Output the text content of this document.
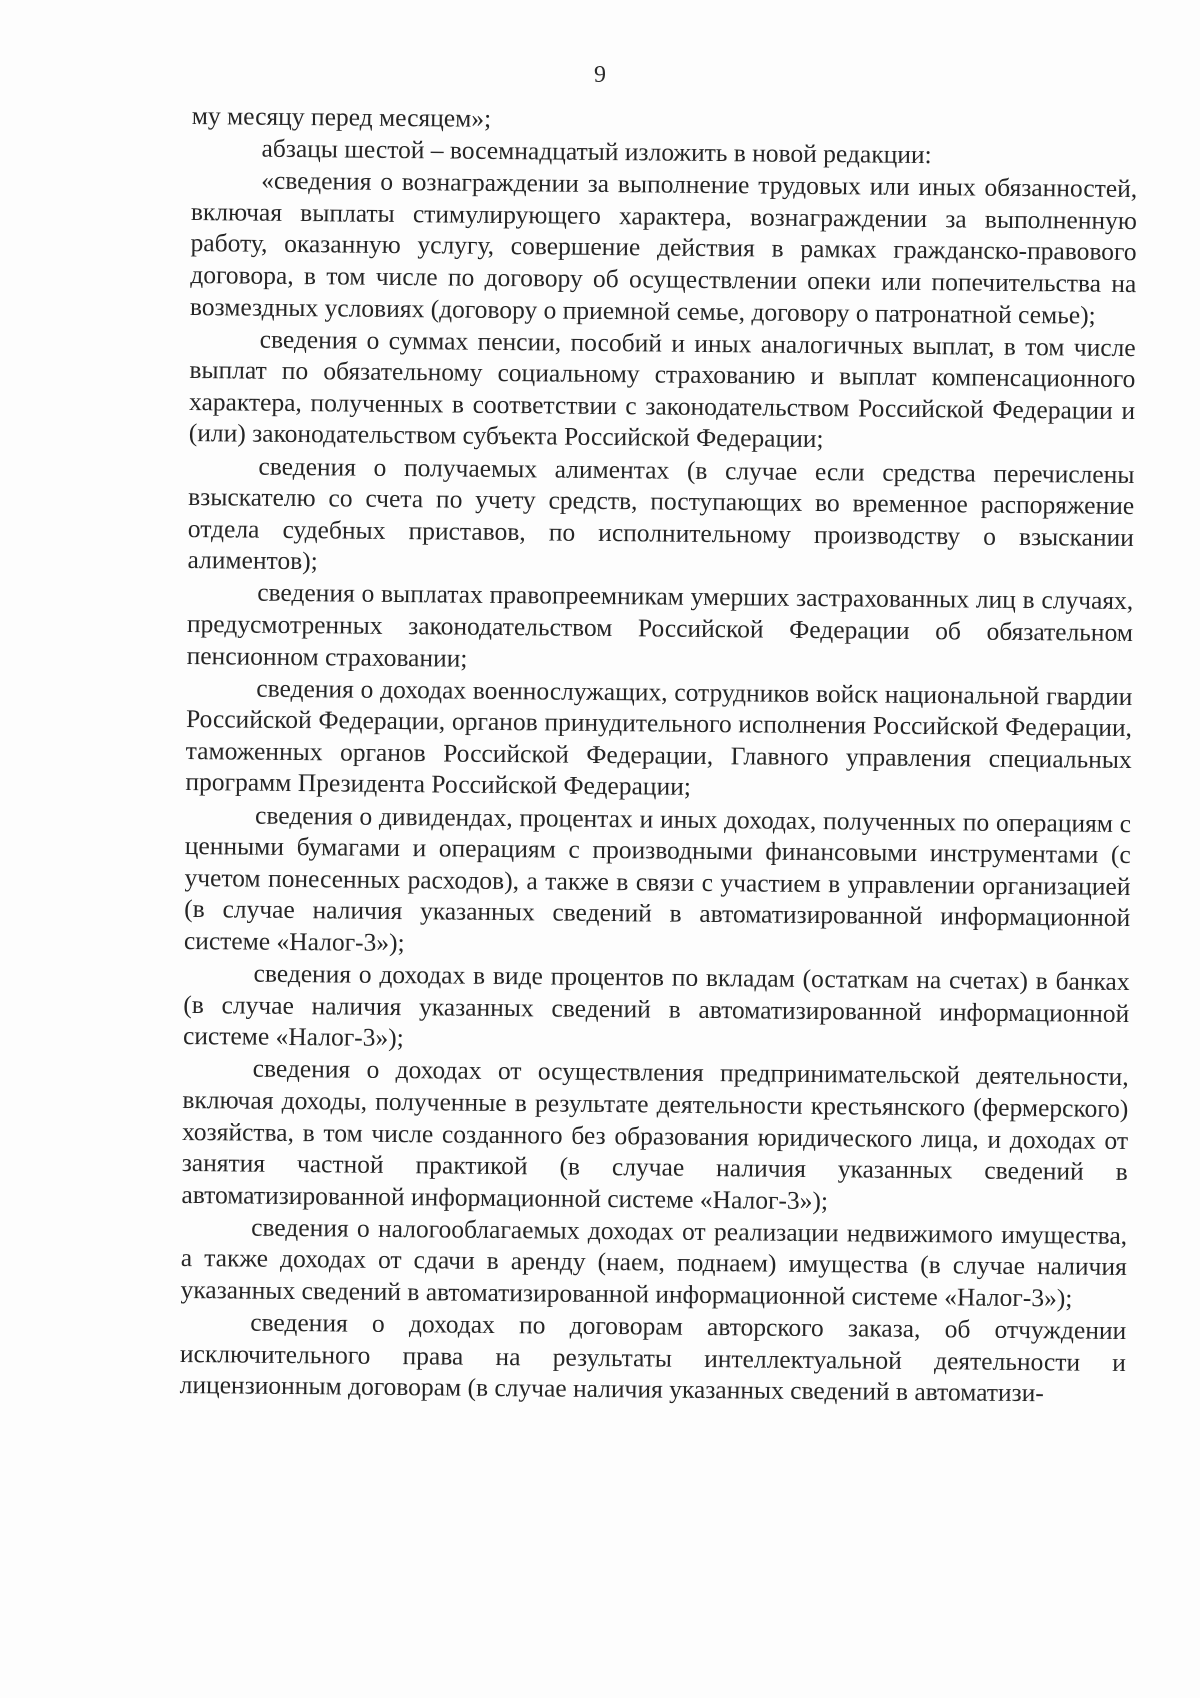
9

му месяцу перед месяцем»;

абзацы шестой – восемнадцатый изложить в новой редакции:

«сведения о вознаграждении за выполнение трудовых или иных обязанностей, включая выплаты стимулирующего характера, вознаграждении за выполненную работу, оказанную услугу, совершение действия в рамках гражданско-правового договора, в том числе по договору об осуществлении опеки или попечительства на возмездных условиях (договору о приемной семье, договору о патронатной семье);

сведения о суммах пенсии, пособий и иных аналогичных выплат, в том числе выплат по обязательному социальному страхованию и выплат компенсационного характера, полученных в соответствии с законодательством Российской Федерации и (или) законодательством субъекта Российской Федерации;

сведения о получаемых алиментах (в случае если средства перечислены взыскателю со счета по учету средств, поступающих во временное распоряжение отдела судебных приставов, по исполнительному производству о взыскании алиментов);

сведения о выплатах правопреемникам умерших застрахованных лиц в случаях, предусмотренных законодательством Российской Федерации об обязательном пенсионном страховании;

сведения о доходах военнослужащих, сотрудников войск национальной гвардии Российской Федерации, органов принудительного исполнения Российской Федерации, таможенных органов Российской Федерации, Главного управления специальных программ Президента Российской Федерации;

сведения о дивидендах, процентах и иных доходах, полученных по операциям с ценными бумагами и операциям с производными финансовыми инструментами (с учетом понесенных расходов), а также в связи с участием в управлении организацией (в случае наличия указанных сведений в автоматизированной информационной системе «Налог-3»);

сведения о доходах в виде процентов по вкладам (остаткам на счетах) в банках (в случае наличия указанных сведений в автоматизированной информационной системе «Налог-3»);

сведения о доходах от осуществления предпринимательской деятельности, включая доходы, полученные в результате деятельности крестьянского (фермерского) хозяйства, в том числе созданного без образования юридического лица, и доходах от занятия частной практикой (в случае наличия указанных сведений в автоматизированной информационной системе «Налог-3»);

сведения о налогооблагаемых доходах от реализации недвижимого имущества, а также доходах от сдачи в аренду (наем, поднаем) имущества (в случае наличия указанных сведений в автоматизированной информационной системе «Налог-3»);

сведения о доходах по договорам авторского заказа, об отчуждении исключительного права на результаты интеллектуальной деятельности и лицензионным договорам (в случае наличия указанных сведений в автоматизи-
